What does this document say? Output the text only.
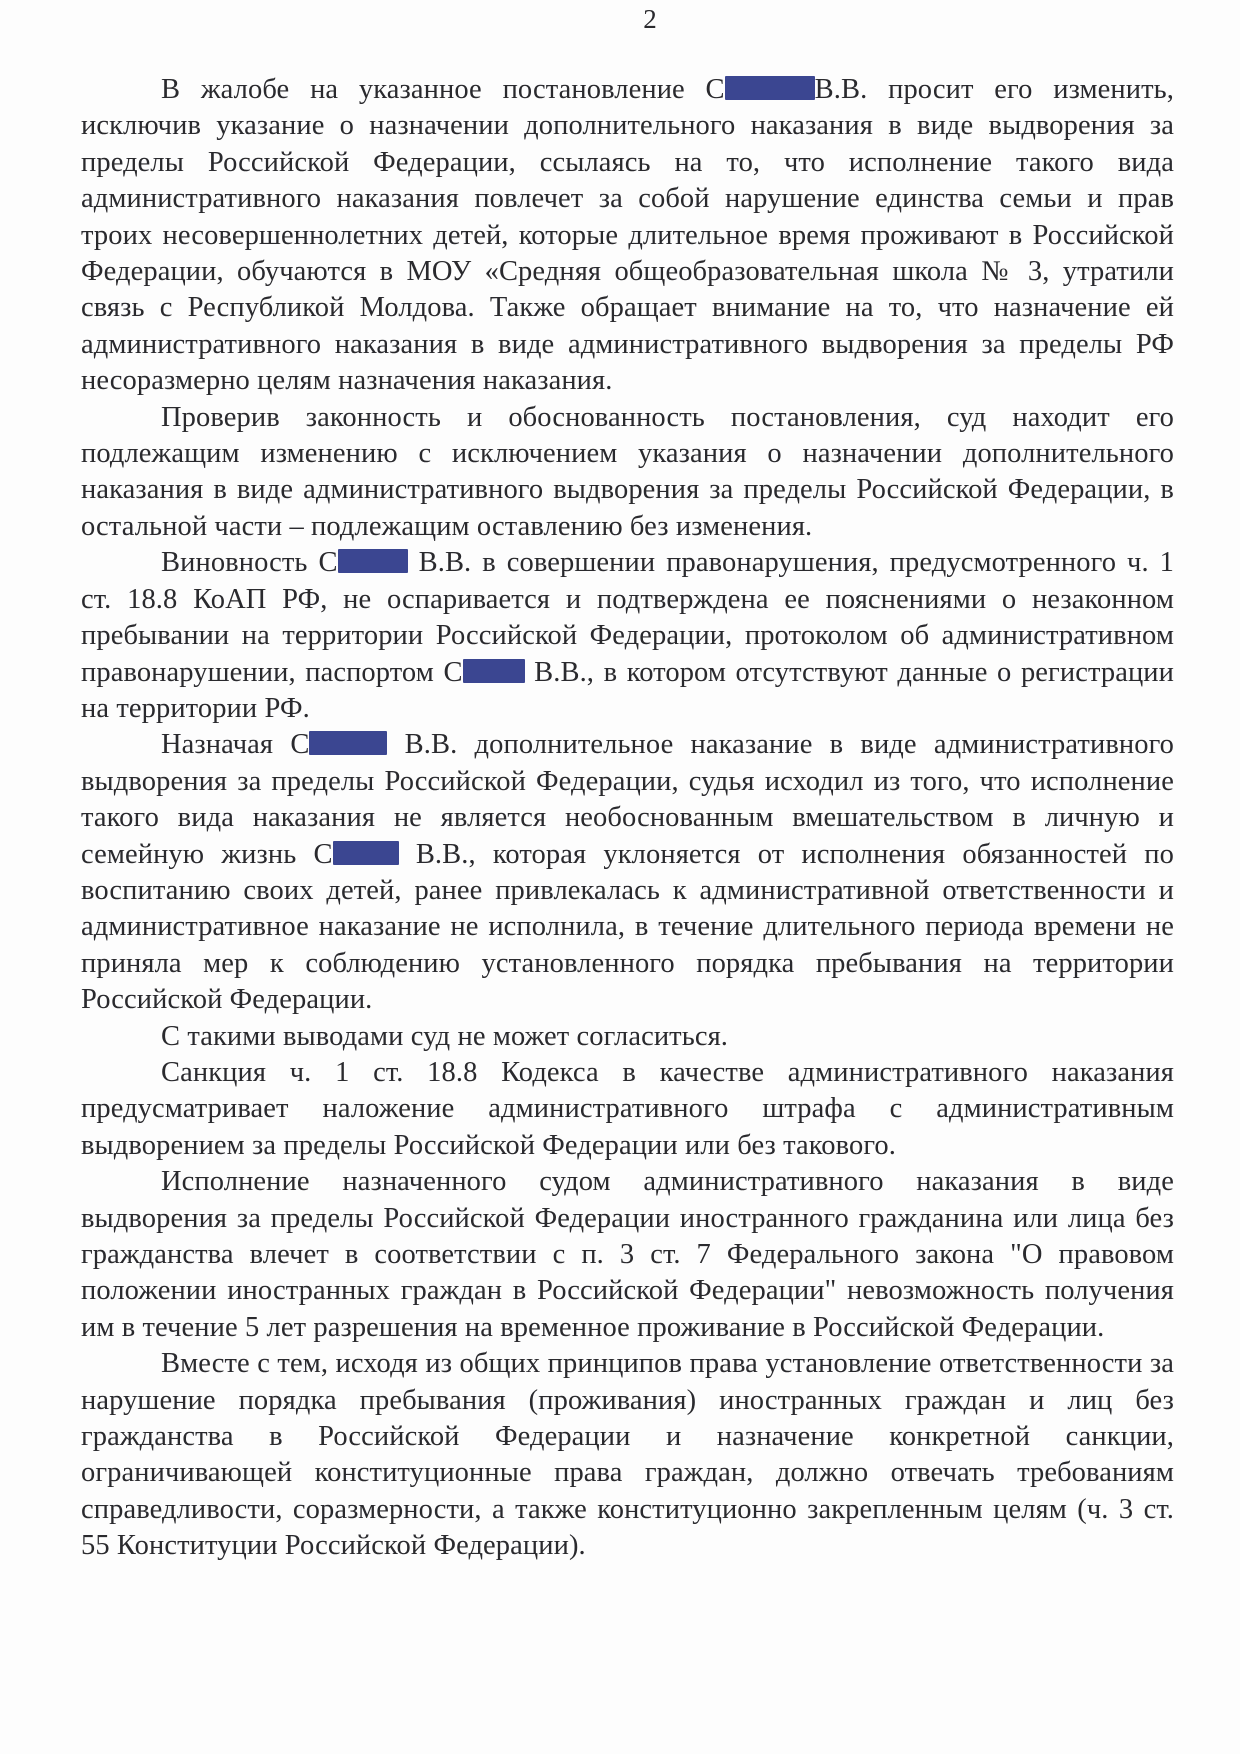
2

В жалобе на указанное постановление С	В.В. просит его изменить, исключив указание о назначении дополнительного наказания в виде выдворения за пределы Российской Федерации, ссылаясь на то, что исполнение такого вида административного наказания повлечет за собой нарушение единства семьи и прав троих несовершеннолетних детей, которые длительное время проживают в Российской Федерации, обучаются в МОУ «Средняя общеобразовательная школа № 3, утратили связь с Республикой Молдова. Также обращает внимание на то, что назначение ей административного наказания в виде административного выдворения за пределы РФ несоразмерно целям назначения наказания.

Проверив законность и обоснованность постановления, суд находит его подлежащим изменению с исключением указания о назначении дополнительного наказания в виде административного выдворения за пределы Российской Федерации, в остальной части – подлежащим оставлению без изменения.

Виновность С	В.В. в совершении правонарушения, предусмотренного ч. 1 ст. 18.8 КоАП РФ, не оспаривается и подтверждена ее пояснениями о незаконном пребывании на территории Российской Федерации, протоколом об административном правонарушении, паспортом С	В.В., в котором отсутствуют данные о регистрации на территории РФ.

Назначая С	В.В. дополнительное наказание в виде административного выдворения за пределы Российской Федерации, судья исходил из того, что исполнение такого вида наказания не является необоснованным вмешательством в личную и семейную жизнь С	В.В., которая уклоняется от исполнения обязанностей по воспитанию своих детей, ранее привлекалась к административной ответственности и административное наказание не исполнила, в течение длительного периода времени не приняла мер к соблюдению установленного порядка пребывания на территории Российской Федерации.

С такими выводами суд не может согласиться.

Санкция ч. 1 ст. 18.8 Кодекса в качестве административного наказания предусматривает наложение административного штрафа с административным выдворением за пределы Российской Федерации или без такового.

Исполнение назначенного судом административного наказания в виде выдворения за пределы Российской Федерации иностранного гражданина или лица без гражданства влечет в соответствии с п. 3 ст. 7 Федерального закона "О правовом положении иностранных граждан в Российской Федерации" невозможность получения им в течение 5 лет разрешения на временное проживание в Российской Федерации.

Вместе с тем, исходя из общих принципов права установление ответственности за нарушение порядка пребывания (проживания) иностранных граждан и лиц без гражданства в Российской Федерации и назначение конкретной санкции, ограничивающей конституционные права граждан, должно отвечать требованиям справедливости, соразмерности, а также конституционно закрепленным целям (ч. 3 ст. 55 Конституции Российской Федерации).
